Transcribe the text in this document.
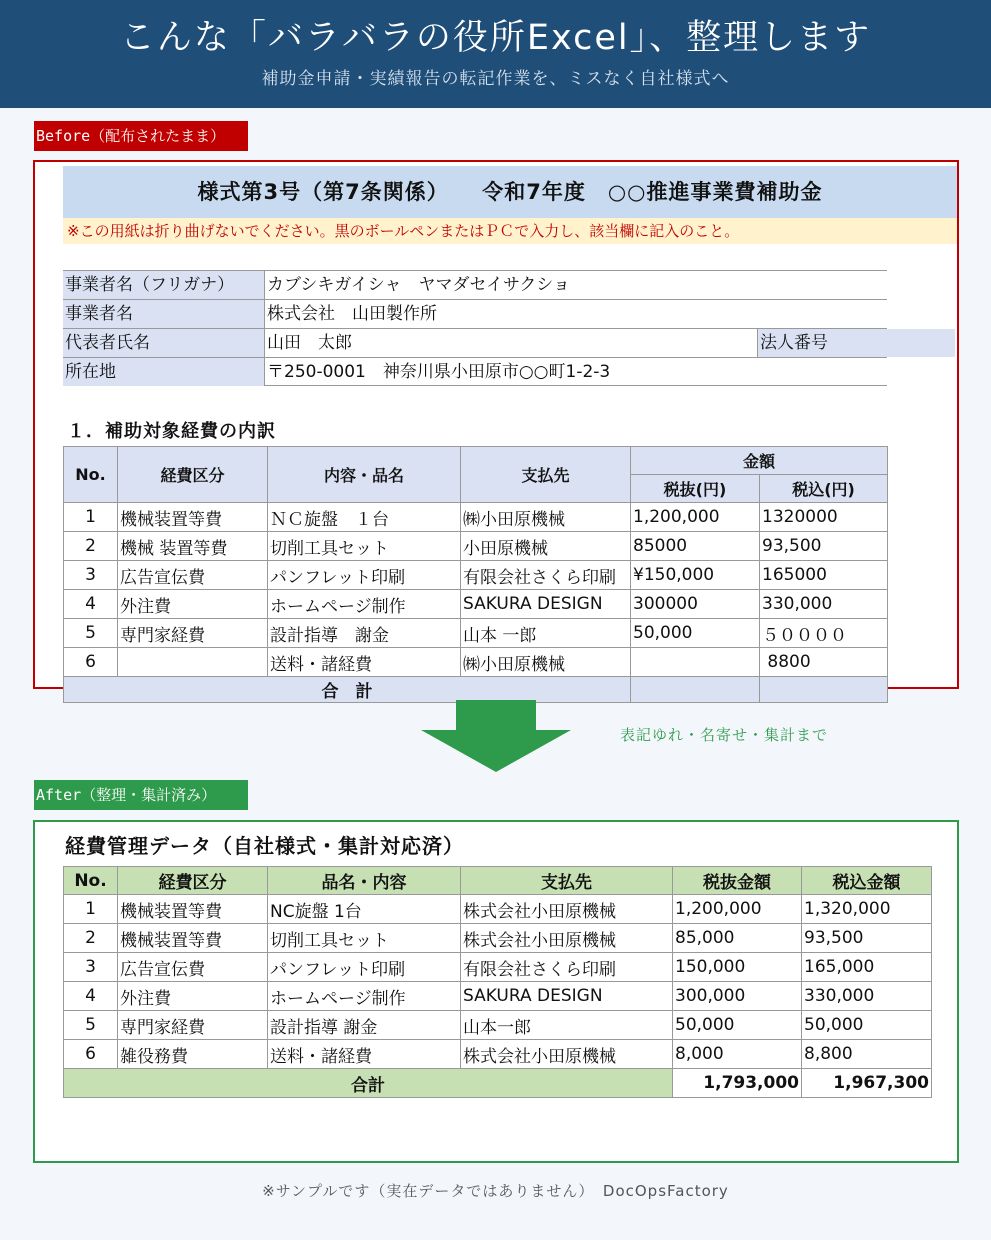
こんな「バラバラの役所Excel」、整理します
補助金申請・実績報告の転記作業を、ミスなく自社様式へ
Before（配布されたまま）
様式第3号（第7条関係）　　令和7年度　○○推進事業費補助金
※この用紙は折り曲げないでください。黒のボールペンまたはＰＣで入力し、該当欄に記入のこと。
事業者名（フリガナ）	カブシキガイシャ　ヤマダセイサクショ
事業者名	株式会社　山田製作所
代表者氏名	山田　太郎	法人番号
所在地	〒250-0001　神奈川県小田原市○○町1-2-3
１．補助対象経費の内訳
No.	経費区分	内容・品名	支払先	金額	
				税抜(円)	税込(円)
1	機械装置等費	ＮＣ旋盤　１台	㈱小田原機械	1,200,000	1320000
2	機械 装置等費	切削工具セット	小田原機械	85000	93,500
3	広告宣伝費	パンフレット印刷	有限会社さくら印刷	¥150,000	165000
4	外注費	ホームページ制作	SAKURA DESIGN	300000	330,000
5	専門家経費	設計指導　謝金	山本 一郎	50,000	５００００
6		送料・諸経費	㈱小田原機械		8800
合　計					
表記ゆれ・名寄せ・集計まで
After（整理・集計済み）
経費管理データ（自社様式・集計対応済）
No.	経費区分	品名・内容	支払先	税抜金額	税込金額
1	機械装置等費	NC旋盤 1台	株式会社小田原機械	1,200,000	1,320,000
2	機械装置等費	切削工具セット	株式会社小田原機械	85,000	93,500
3	広告宣伝費	パンフレット印刷	有限会社さくら印刷	150,000	165,000
4	外注費	ホームページ制作	SAKURA DESIGN	300,000	330,000
5	専門家経費	設計指導 謝金	山本一郎	50,000	50,000
6	雑役務費	送料・諸経費	株式会社小田原機械	8,000	8,800
合計				1,793,000	1,967,300
※サンプルです（実在データではありません）　DocOpsFactory
